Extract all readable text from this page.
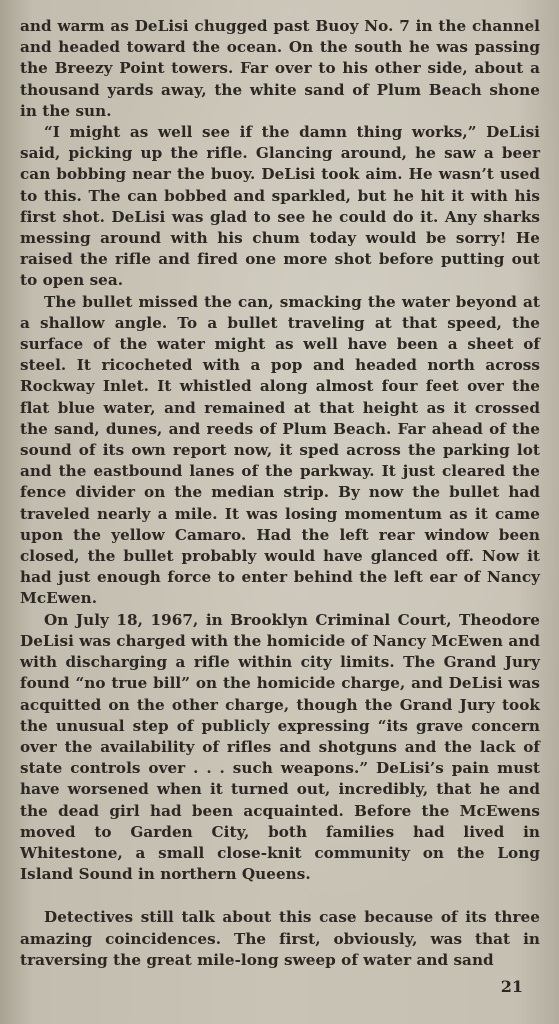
and warm as DeLisi chugged past Buoy No. 7 in the channel and headed toward the ocean. On the south he was passing the Breezy Point towers. Far over to his other side, about a thousand yards away, the white sand of Plum Beach shone in the sun.

“I might as well see if the damn thing works,” DeLisi said, picking up the rifle. Glancing around, he saw a beer can bobbing near the buoy. DeLisi took aim. He wasn’t used to this. The can bobbed and sparkled, but he hit it with his first shot. DeLisi was glad to see he could do it. Any sharks messing around with his chum today would be sorry! He raised the rifle and fired one more shot before putting out to open sea.

The bullet missed the can, smacking the water beyond at a shallow angle. To a bullet traveling at that speed, the surface of the water might as well have been a sheet of steel. It ricocheted with a pop and headed north across Rockway Inlet. It whistled along almost four feet over the flat blue water, and remained at that height as it crossed the sand, dunes, and reeds of Plum Beach. Far ahead of the sound of its own report now, it sped across the parking lot and the eastbound lanes of the parkway. It just cleared the fence divider on the median strip. By now the bullet had traveled nearly a mile. It was losing momentum as it came upon the yellow Camaro. Had the left rear window been closed, the bullet probably would have glanced off. Now it had just enough force to enter behind the left ear of Nancy McEwen.

On July 18, 1967, in Brooklyn Criminal Court, Theodore DeLisi was charged with the homicide of Nancy McEwen and with discharging a rifle within city limits. The Grand Jury found “no true bill” on the homicide charge, and DeLisi was acquitted on the other charge, though the Grand Jury took the unusual step of publicly expressing “its grave concern over the availability of rifles and shotguns and the lack of state controls over . . . such weapons.” DeLisi’s pain must have worsened when it turned out, incredibly, that he and the dead girl had been acquainted. Before the McEwens moved to Garden City, both families had lived in Whitestone, a small close-knit community on the Long Island Sound in northern Queens.

Detectives still talk about this case because of its three amazing coincidences. The first, obviously, was that in traversing the great mile-long sweep of water and sand

21
